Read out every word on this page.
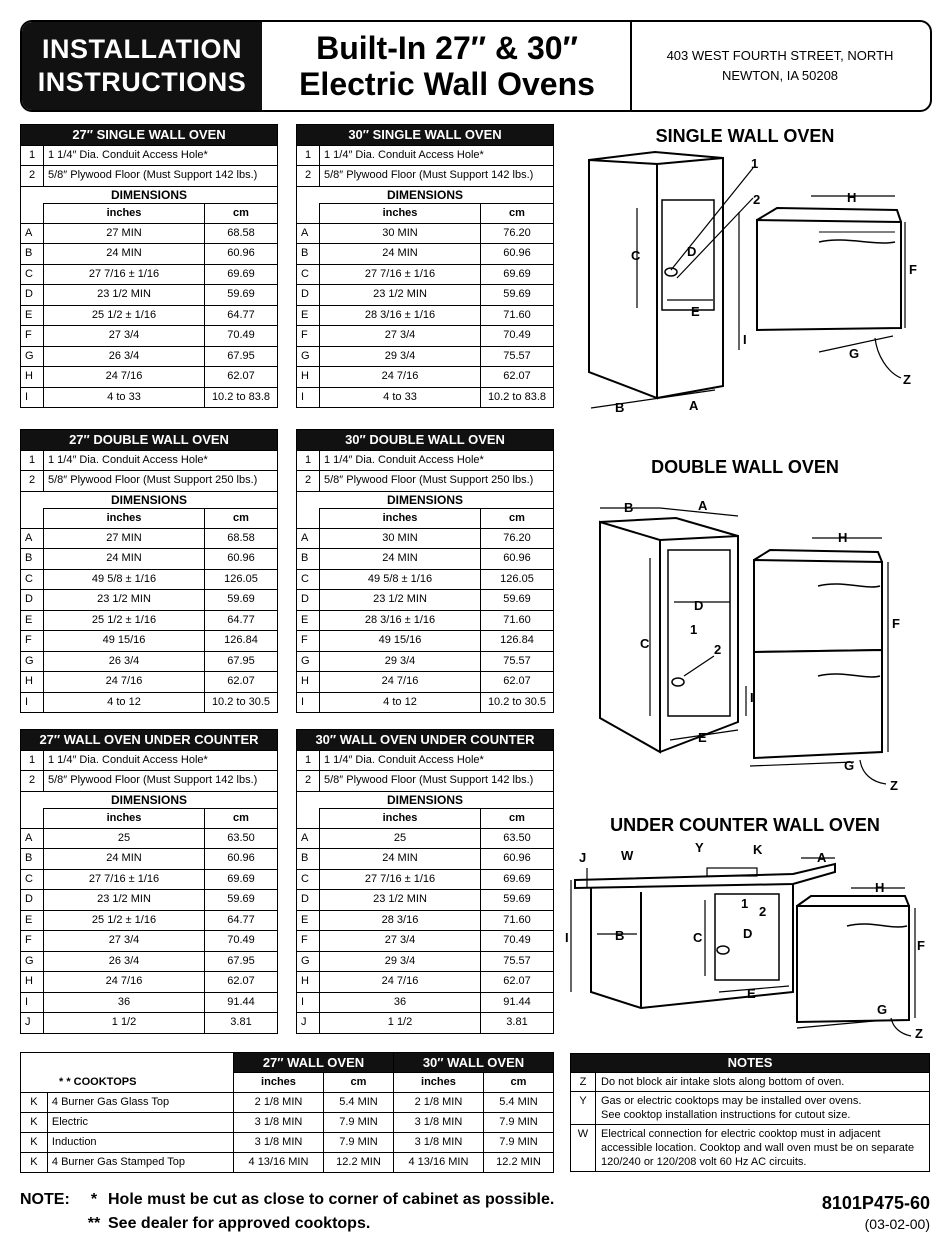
INSTALLATION
INSTRUCTIONS
Built-In 27″ & 30″
Electric Wall Ovens
403 WEST FOURTH STREET, NORTH
NEWTON, IA 50208
27″ SINGLE WALL OVEN		
1	1 1/4″ Dia. Conduit Access Hole*	
2	5/8″ Plywood Floor (Must Support 142 lbs.)	
DIMENSIONS		
	inches	cm
A	27 MIN	68.58
B	24 MIN	60.96
C	27 7/16 ± 1/16	69.69
D	23 1/2 MIN	59.69
E	25 1/2 ± 1/16	64.77
F	27 3/4	70.49
G	26 3/4	67.95
H	24 7/16	62.07
I	4 to 33	10.2 to 83.8
30″ SINGLE WALL OVEN		
1	1 1/4″ Dia. Conduit Access Hole*	
2	5/8″ Plywood Floor (Must Support 142 lbs.)	
DIMENSIONS		
	inches	cm
A	30 MIN	76.20
B	24 MIN	60.96
C	27 7/16 ± 1/16	69.69
D	23 1/2 MIN	59.69
E	28 3/16 ± 1/16	71.60
F	27 3/4	70.49
G	29 3/4	75.57
H	24 7/16	62.07
I	4 to 33	10.2 to 83.8
27″ DOUBLE WALL OVEN		
1	1 1/4″ Dia. Conduit Access Hole*	
2	5/8″ Plywood Floor (Must Support 250 lbs.)	
DIMENSIONS		
	inches	cm
A	27 MIN	68.58
B	24 MIN	60.96
C	49 5/8 ± 1/16	126.05
D	23 1/2 MIN	59.69
E	25 1/2 ± 1/16	64.77
F	49 15/16	126.84
G	26 3/4	67.95
H	24 7/16	62.07
I	4 to 12	10.2 to 30.5
30″ DOUBLE WALL OVEN		
1	1 1/4″ Dia. Conduit Access Hole*	
2	5/8″ Plywood Floor (Must Support 250 lbs.)	
DIMENSIONS		
	inches	cm
A	30 MIN	76.20
B	24 MIN	60.96
C	49 5/8 ± 1/16	126.05
D	23 1/2 MIN	59.69
E	28 3/16 ± 1/16	71.60
F	49 15/16	126.84
G	29 3/4	75.57
H	24 7/16	62.07
I	4 to 12	10.2 to 30.5
27″ WALL OVEN UNDER COUNTER		
1	1 1/4″ Dia. Conduit Access Hole*	
2	5/8″ Plywood Floor (Must Support 142 lbs.)	
DIMENSIONS		
	inches	cm
A	25	63.50
B	24 MIN	60.96
C	27 7/16 ± 1/16	69.69
D	23 1/2 MIN	59.69
E	25 1/2 ± 1/16	64.77
F	27 3/4	70.49
G	26 3/4	67.95
H	24 7/16	62.07
I	36	91.44
J	1 1/2	3.81
30″ WALL OVEN UNDER COUNTER		
1	1 1/4″ Dia. Conduit Access Hole*	
2	5/8″ Plywood Floor (Must Support 142 lbs.)	
DIMENSIONS		
	inches	cm
A	25	63.50
B	24 MIN	60.96
C	27 7/16 ± 1/16	69.69
D	23 1/2 MIN	59.69
E	28 3/16	71.60
F	27 3/4	70.49
G	29 3/4	75.57
H	24 7/16	62.07
I	36	91.44
J	1 1/2	3.81
* * COOKTOPS		27″ WALL OVEN		30″ WALL OVEN	
		inches	cm	inches	cm
K	4 Burner Gas Glass Top	2 1/8 MIN	5.4 MIN	2 1/8 MIN	5.4 MIN
K	Electric	3 1/8 MIN	7.9 MIN	3 1/8 MIN	7.9 MIN
K	Induction	3 1/8 MIN	7.9 MIN	3 1/8 MIN	7.9 MIN
K	4 Burner Gas Stamped Top	4 13/16 MIN	12.2 MIN	4 13/16 MIN	12.2 MIN
NOTES	
Z	Do not block air intake slots along bottom of oven.

Y	Gas or electric cooktops may be installed over ovens.
See cooktop installation instructions for cutout size.

W	Electrical connection for electric cooktop must in adjacent
accessible location. Cooktop and wall oven must be on separate
120/240 or 120/208 volt 60 Hz AC circuits.
SINGLE WALL OVEN
DOUBLE WALL OVEN
UNDER COUNTER WALL OVEN
1
2
C	D
E
I
H
F
G
Z
B	A
B	A
C
D
1
2
I
E
H
F
G
Z
J	W
Y	K
A
I	B	C	D
1
2
E
H
F
G
Z
NOTE: * Hole must be cut as close to corner of cabinet as possible.
** See dealer for approved cooktops.
8101P475-60
(03-02-00)
